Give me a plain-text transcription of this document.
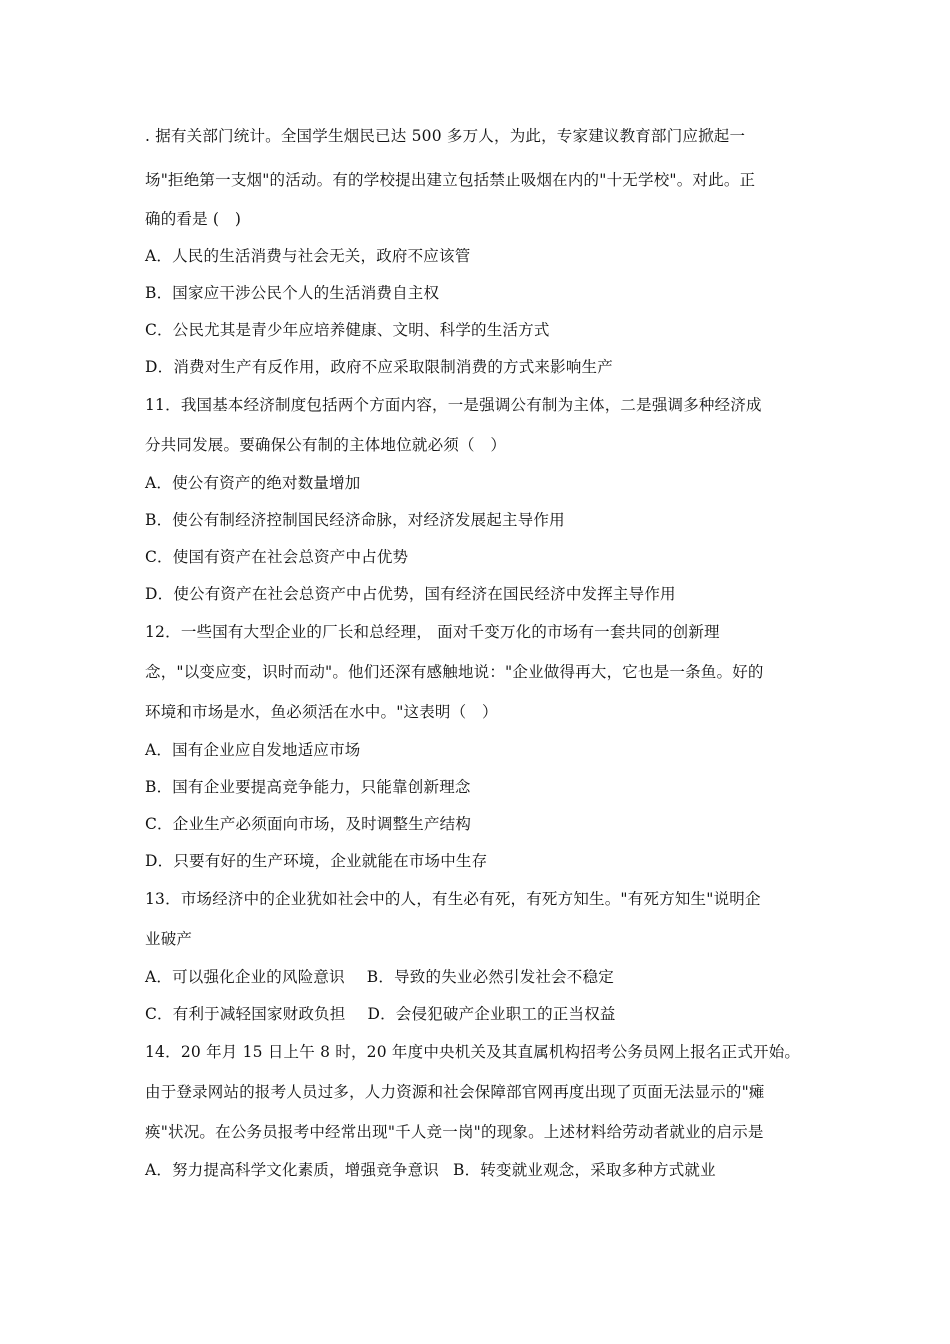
. 据有关部门统计。全国学生烟民已达 500 多万人，为此，专家建议教育部门应掀起一
场"拒绝第一支烟"的活动。有的学校提出建立包括禁止吸烟在内的"十无学校"。对此。正
确的看是 (　)
A．人民的生活消费与社会无关，政府不应该管
B．国家应干涉公民个人的生活消费自主权
C．公民尤其是青少年应培养健康、文明、科学的生活方式
D．消费对生产有反作用，政府不应采取限制消费的方式来影响生产
11．我国基本经济制度包括两个方面内容，一是强调公有制为主体，二是强调多种经济成
分共同发展。要确保公有制的主体地位就必须（　）
A．使公有资产的绝对数量增加
B．使公有制经济控制国民经济命脉，对经济发展起主导作用
C．使国有资产在社会总资产中占优势
D．使公有资产在社会总资产中占优势，国有经济在国民经济中发挥主导作用
12．一些国有大型企业的厂长和总经理， 面对千变万化的市场有一套共同的创新理
念，"以变应变，识时而动"。他们还深有感触地说："企业做得再大，它也是一条鱼。好的
环境和市场是水，鱼必须活在水中。"这表明（　）
A．国有企业应自发地适应市场
B．国有企业要提高竞争能力，只能靠创新理念
C．企业生产必须面向市场，及时调整生产结构
D．只要有好的生产环境，企业就能在市场中生存
13．市场经济中的企业犹如社会中的人，有生必有死，有死方知生。"有死方知生"说明企
业破产
A．可以强化企业的风险意识 B．导致的失业必然引发社会不稳定
C．有利于减轻国家财政负担 D．会侵犯破产企业职工的正当权益
14．20 年月 15 日上午 8 时，20 年度中央机关及其直属机构招考公务员网上报名正式开始。
由于登录网站的报考人员过多，人力资源和社会保障部官网再度出现了页面无法显示的"瘫
痪"状况。在公务员报考中经常出现"千人竞一岗"的现象。上述材料给劳动者就业的启示是
A．努力提高科学文化素质，增强竞争意识 B．转变就业观念，采取多种方式就业
